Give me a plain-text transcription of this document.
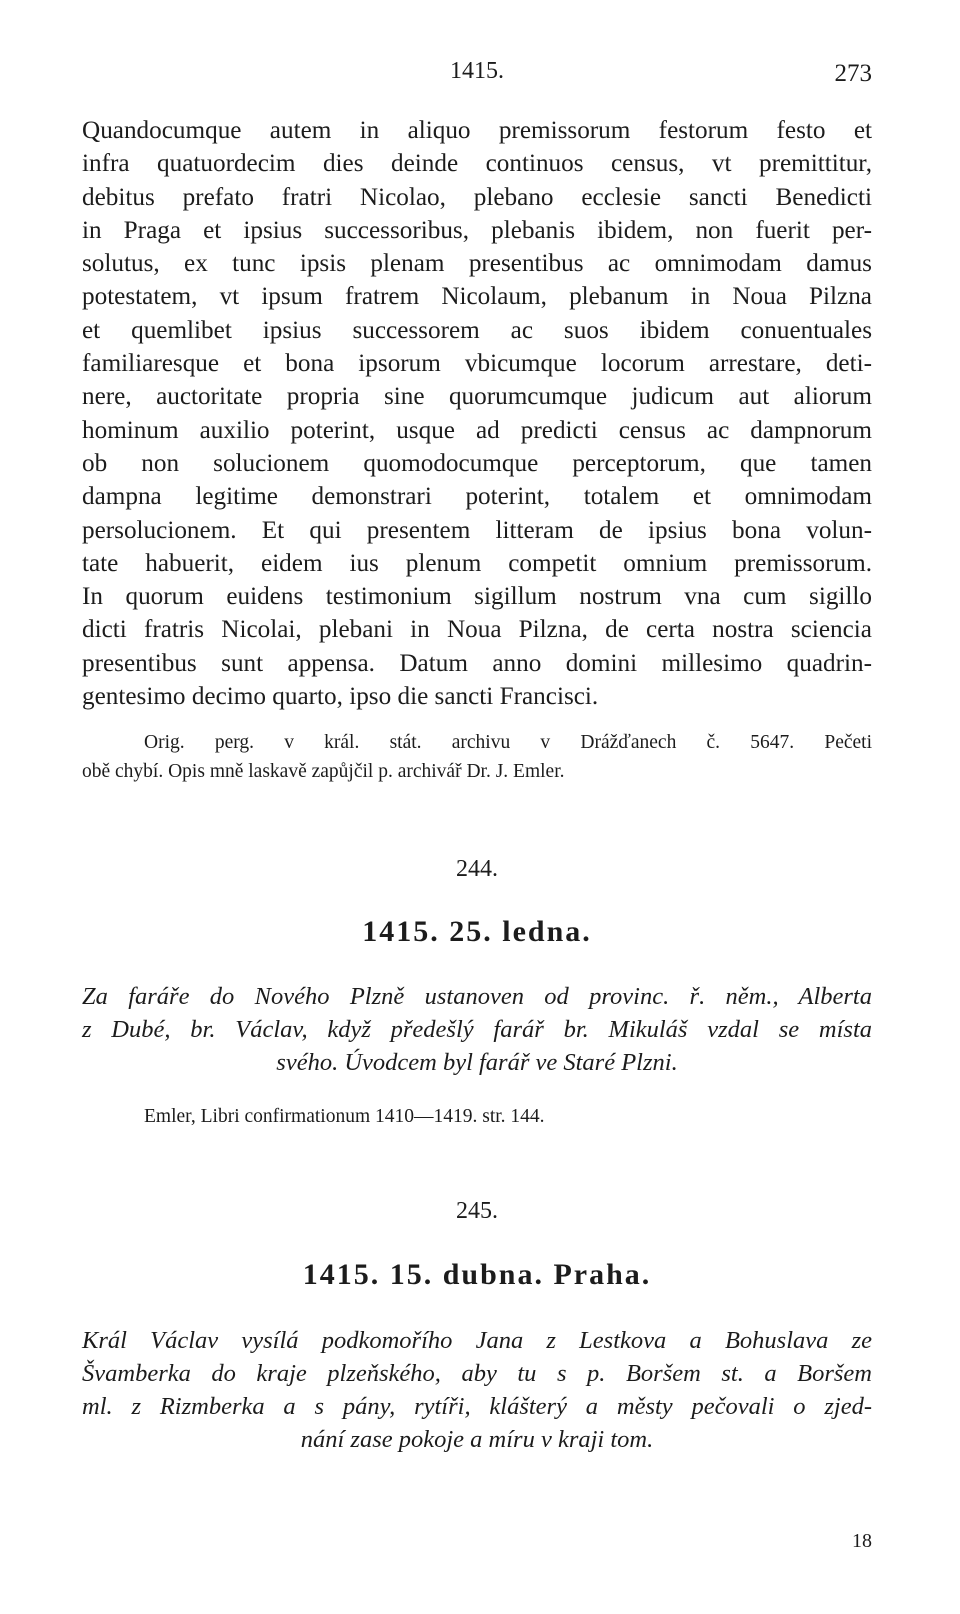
1415.	273
Quandocumque autem in aliquo premissorum festorum festo et
infra quatuordecim dies deinde continuos census, vt premittitur,
debitus prefato fratri Nicolao, plebano ecclesie sancti Benedicti
in Praga et ipsius successoribus, plebanis ibidem, non fuerit per-
solutus, ex tunc ipsis plenam presentibus ac omnimodam damus
potestatem, vt ipsum fratrem Nicolaum, plebanum in Noua Pilzna
et quemlibet ipsius successorem ac suos ibidem conuentuales
familiaresque et bona ipsorum vbicumque locorum arrestare, deti-
nere, auctoritate propria sine quorumcumque judicum aut aliorum
hominum auxilio poterint, usque ad predicti census ac dampnorum
ob non solucionem quomodocumque perceptorum, que tamen
dampna legitime demonstrari poterint, totalem et omnimodam
persolucionem. Et qui presentem litteram de ipsius bona volun-
tate habuerit, eidem ius plenum competit omnium premissorum.
In quorum euidens testimonium sigillum nostrum vna cum sigillo
dicti fratris Nicolai, plebani in Noua Pilzna, de certa nostra sciencia
presentibus sunt appensa. Datum anno domini millesimo quadrin-
gentesimo decimo quarto, ipso die sancti Francisci.
Orig. perg. v král. stát. archivu v Drážďanech č. 5647. Pečeti
obě chybí. Opis mně laskavě zapůjčil p. archivář Dr. J. Emler.
244.
1415. 25. ledna.
Za faráře do Nového Plzně ustanoven od provinc. ř. něm., Alberta
z Dubé, br. Václav, když předešlý farář br. Mikuláš vzdal se místa
svého. Úvodcem byl farář ve Staré Plzni.
Emler, Libri confirmationum 1410—1419. str. 144.
245.
1415. 15. dubna. Praha.
Král Václav vysílá podkomořího Jana z Lestkova a Bohuslava ze
Švamberka do kraje plzeňského, aby tu s p. Boršem st. a Boršem
ml. z Rizmberka a s pány, rytíři, klášterý a městy pečovali o zjed-
nání zase pokoje a míru v kraji tom.
18
